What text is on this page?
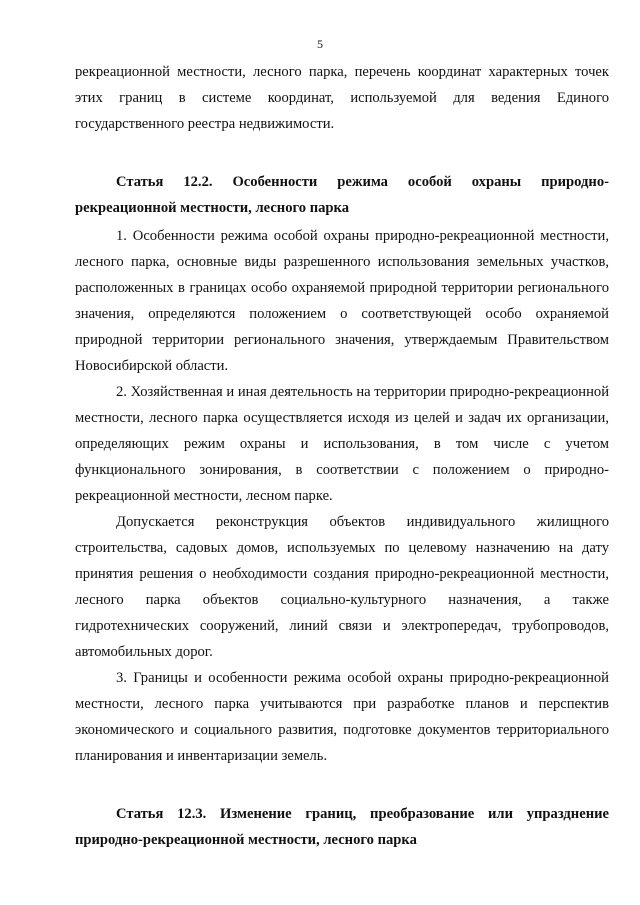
5

рекреационной местности, лесного парка, перечень координат характерных точек этих границ в системе координат, используемой для ведения Единого государственного реестра недвижимости.

Статья 12.2. Особенности режима особой охраны природно-рекреационной местности, лесного парка

1. Особенности режима особой охраны природно-рекреационной местности, лесного парка, основные виды разрешенного использования земельных участков, расположенных в границах особо охраняемой природной территории регионального значения, определяются положением о соответствующей особо охраняемой природной территории регионального значения, утверждаемым Правительством Новосибирской области.

2. Хозяйственная и иная деятельность на территории природно-рекреационной местности, лесного парка осуществляется исходя из целей и задач их организации, определяющих режим охраны и использования, в том числе с учетом функционального зонирования, в соответствии с положением о природно-рекреационной местности, лесном парке.

Допускается реконструкция объектов индивидуального жилищного строительства, садовых домов, используемых по целевому назначению на дату принятия решения о необходимости создания природно-рекреационной местности, лесного парка объектов социально-культурного назначения, а также гидротехнических сооружений, линий связи и электропередач, трубопроводов, автомобильных дорог.

3. Границы и особенности режима особой охраны природно-рекреационной местности, лесного парка учитываются при разработке планов и перспектив экономического и социального развития, подготовке документов территориального планирования и инвентаризации земель.

Статья 12.3. Изменение границ, преобразование или упразднение природно-рекреационной местности, лесного парка
